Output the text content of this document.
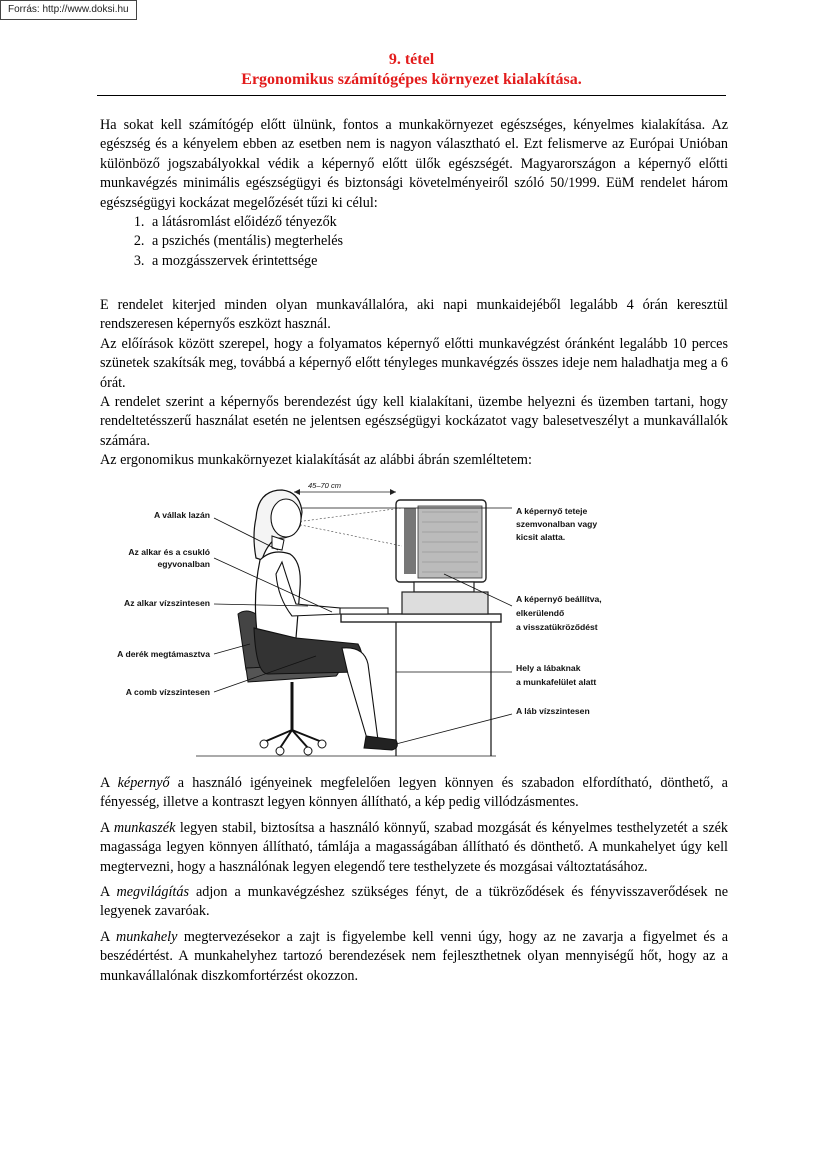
Forrás: http://www.doksi.hu
9. tétel
Ergonomikus számítógépes környezet kialakítása.

Ha sokat kell számítógép előtt ülnünk, fontos a munkakörnyezet egészséges, kényelmes kialakítása. Az egészség és a kényelem ebben az esetben nem is nagyon választható el. Ezt felismerve az Európai Unióban különböző jogszabályokkal védik a képernyő előtt ülők egészségét. Magyarországon a képernyő előtti munkavégzés minimális egészségügyi és biztonsági követelményeiről szóló 50/1999. EüM rendelet három egészségügyi kockázat megelőzését tűzi ki célul:

1. a látásromlást előidéző tényezők
2. a pszichés (mentális) megterhelés
3. a mozgásszervek érintettsége

E rendelet kiterjed minden olyan munkavállalóra, aki napi munkaidejéből legalább 4 órán keresztül rendszeresen képernyős eszközt használ.

Az előírások között szerepel, hogy a folyamatos képernyő előtti munkavégzést óránként legalább 10 perces szünetek szakítsák meg, továbbá a képernyő előtt tényleges munkavégzés összes ideje nem haladhatja meg a 6 órát.

A rendelet szerint a képernyős berendezést úgy kell kialakítani, üzembe helyezni és üzemben tartani, hogy rendeltetésszerű használat esetén ne jelentsen egészségügyi kockázatot vagy balesetveszélyt a munkavállalók számára.

Az ergonomikus munkakörnyezet kialakítását az alábbi ábrán szemléltetem:

45–70 cm
A vállak lazán
Az alkar és a csukló
egyvonalban
Az alkar vízszintesen
A derék megtámasztva
A comb vízszintesen
A képernyő teteje
szemvonalban vagy
kicsit alatta.
A képernyő beállítva,
elkerülendő
a visszatükröződést
Hely a lábaknak
a munkafelület alatt
A láb vízszintesen

A képernyő a használó igényeinek megfelelően legyen könnyen és szabadon elfordítható, dönthető, a fényesség, illetve a kontraszt legyen könnyen állítható, a kép pedig villódzásmentes.

A munkaszék legyen stabil, biztosítsa a használó könnyű, szabad mozgását és kényelmes testhelyzetét a szék magassága legyen könnyen állítható, támlája a magasságában állítható és dönthető. A munkahelyet úgy kell megtervezni, hogy a használónak legyen elegendő tere testhelyzete és mozgásai változtatásához.

A megvilágítás adjon a munkavégzéshez szükséges fényt, de a tükröződések és fényvisszaverődések ne legyenek zavaróak.

A munkahely megtervezésekor a zajt is figyelembe kell venni úgy, hogy az ne zavarja a figyelmet és a beszédértést. A munkahelyhez tartozó berendezések nem fejleszthetnek olyan mennyiségű hőt, hogy az a munkavállalónak diszkomfortérzést okozzon.
